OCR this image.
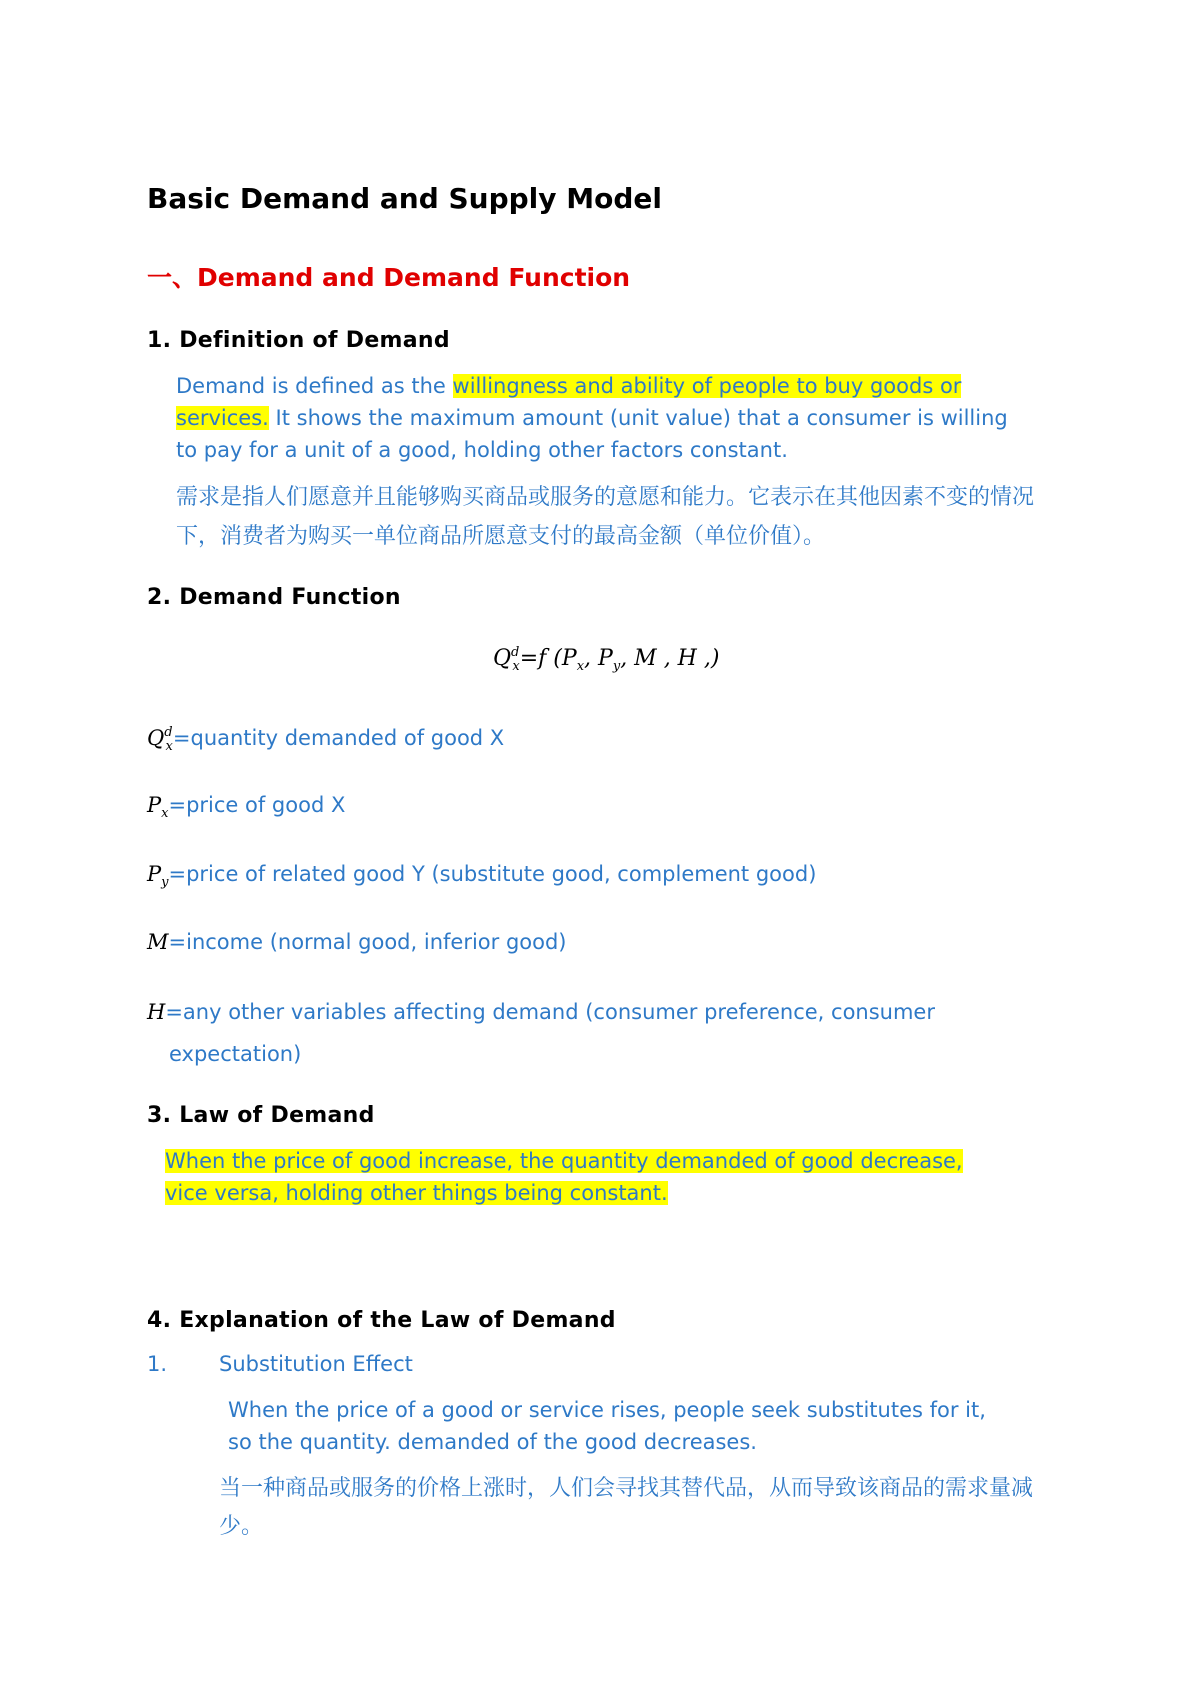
Basic Demand and Supply Model
一、Demand and Demand Function
1. Definition of Demand
Demand is defined as the willingness and ability of people to buy goods or
services. It shows the maximum amount (unit value) that a consumer is willing
to pay for a unit of a good, holding other factors constant.
需求是指人们愿意并且能够购买商品或服务的意愿和能力。它表示在其他因素不变的情况
下，消费者为购买一单位商品所愿意支付的最高金额（单位价值）。
2. Demand Function
$Q^d_x=f$ ($P_x$, $P_y$, M , H ,)
$Q^d_x=quantity$ demanded of good X
$P_x=price$ of good X
$P_y=price$ of related good Y (substitute good, complement good)
M=income (normal good, inferior good)
H=any other variables affecting demand (consumer preference, consumer
expectation)
3. Law of Demand
When the price of good increase, the quantity demanded of good decrease,
vice versa, holding other things being constant.
4. Explanation of the Law of Demand
1. Substitution Effect
When the price of a good or service rises, people seek substitutes for it,
so the quantity. demanded of the good decreases.
当一种商品或服务的价格上涨时，人们会寻找其替代品，从而导致该商品的需求量减
少。
